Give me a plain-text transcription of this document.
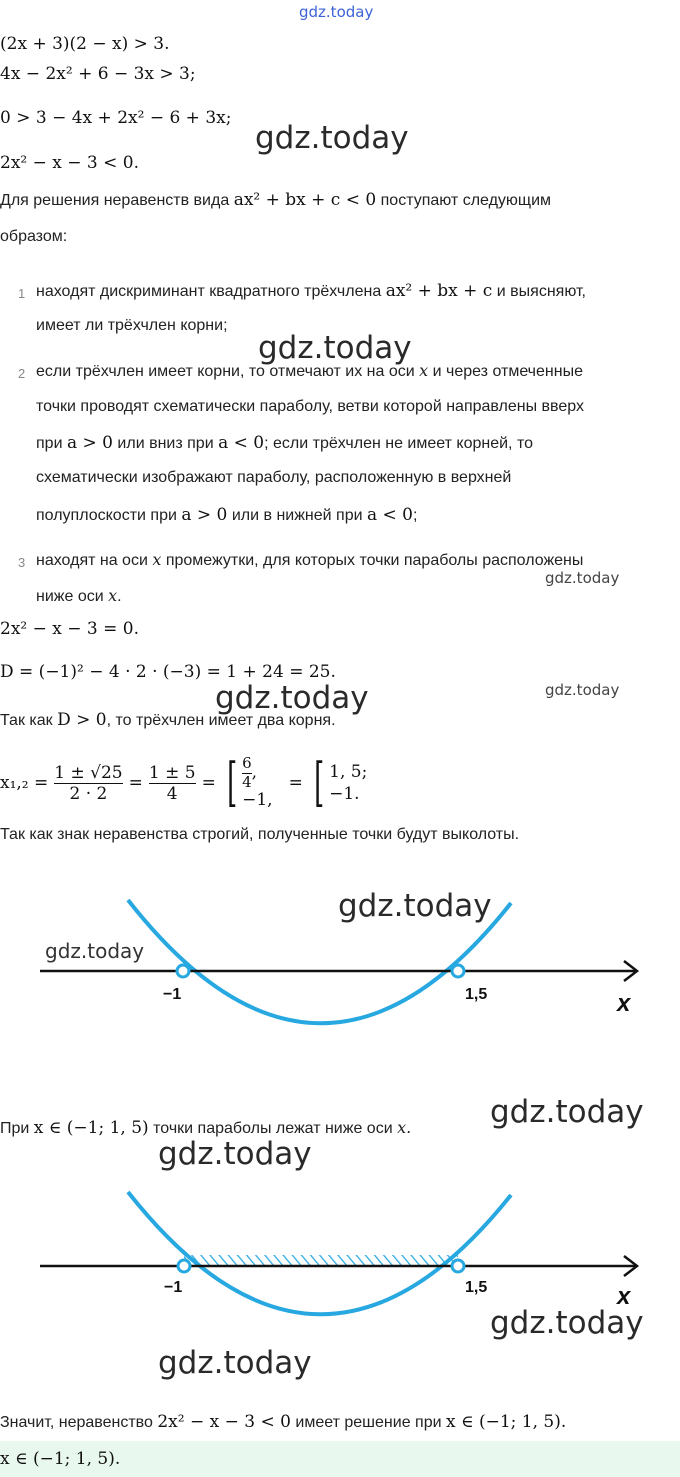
gdz.today
(2x + 3)(2 − x) > 3.
4x − 2x² + 6 − 3x > 3;
0 > 3 − 4x + 2x² − 6 + 3x;
gdz.today
2x² − x − 3 < 0.
Для решения неравенств вида ax² + bx + c < 0 поступают следующим
образом:
1 находят дискриминант квадратного трёхчлена ax² + bx + c и выясняют,
имеет ли трёхчлен корни;
gdz.today
2 если трёхчлен имеет корни, то отмечают их на оси x и через отмеченные
точки проводят схематически параболу, ветви которой направлены вверх
при a > 0 или вниз при a < 0; если трёхчлен не имеет корней, то
схематически изображают параболу, расположенную в верхней
полуплоскости при a > 0 или в нижней при a < 0;
3 находят на оси x промежутки, для которых точки параболы расположены
gdz.today
ниже оси x.
2x² − x − 3 = 0.
D = (−1)² − 4 · 2 · (−3) = 1 + 24 = 25.
gdz.today
gdz.today
Так как D > 0, то трёхчлен имеет два корня.
$x_1,_2 = \frac{1 \pm √25}{2 \cdot 2} = \frac{1 \pm 5}{4}$ = [ $\frac{6}{4}$ ,
−1,
= [ 1, 5;
−1.
Так как знак неравенства строгий, полученные точки будут выколоты.
−1	1,5	x
gdz.today
gdz.today
При x ∈ (−1; 1, 5) точки параболы лежат ниже оси x.	gdz.today
gdz.today
−1	1,5	x
gdz.today
gdz.today
Значит, неравенство 2x² − x − 3 < 0 имеет решение при x ∈ (−1; 1, 5).
x ∈ (−1; 1, 5).
